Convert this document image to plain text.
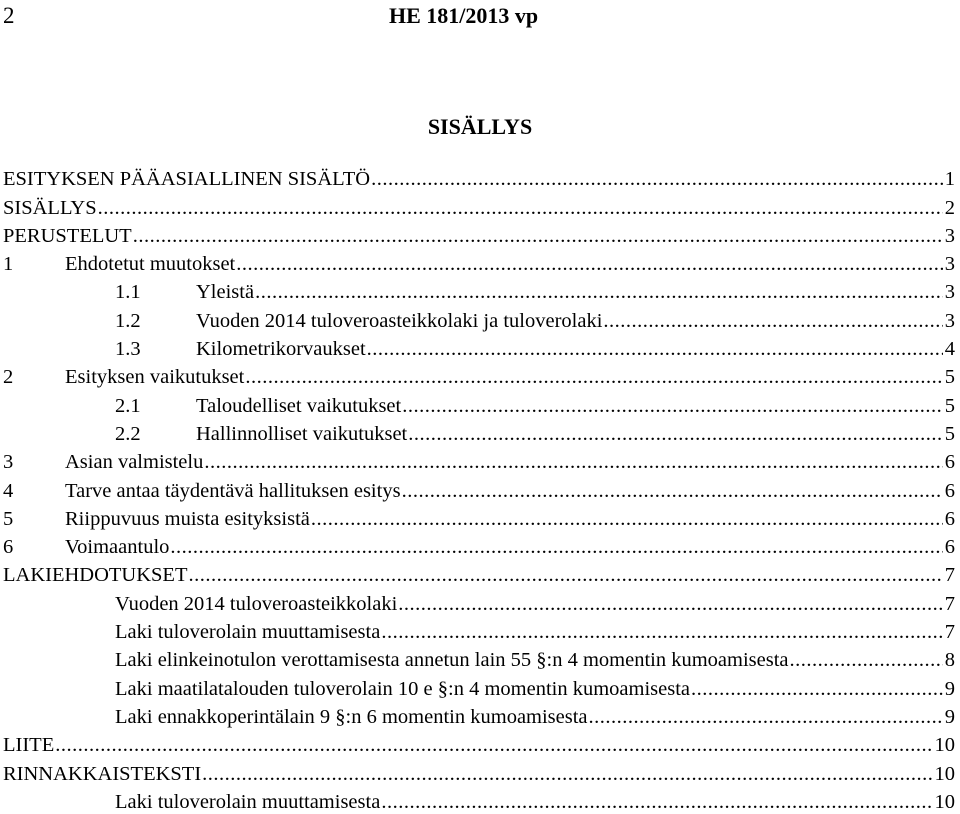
2	HE 181/2013 vp
SISÄLLYS
ESITYKSEN PÄÄASIALLINEN SISÄLTÖ .....	1
SISÄLLYS .....	2
PERUSTELUT .....	3
1	Ehdotetut muutokset .....	3
1.1	Yleistä .....	3
1.2	Vuoden 2014 tuloveroasteikkolaki ja tuloverolaki .....	3
1.3	Kilometrikorvaukset .....	4
2	Esityksen vaikutukset .....	5
2.1	Taloudelliset vaikutukset .....	5
2.2	Hallinnolliset vaikutukset .....	5
3	Asian valmistelu .....	6
4	Tarve antaa täydentävä hallituksen esitys .....	6
5	Riippuvuus muista esityksistä .....	6
6	Voimaantulo .....	6
LAKIEHDOTUKSET .....	7
Vuoden 2014 tuloveroasteikkolaki .....	7
Laki tuloverolain muuttamisesta .....	7
Laki elinkeinotulon verottamisesta annetun lain 55 §:n 4 momentin kumoamisesta .....	8
Laki maatilatalouden tuloverolain 10 e §:n 4 momentin kumoamisesta .....	9
Laki ennakkoperintälain 9 §:n 6 momentin kumoamisesta .....	9
LIITE .....	10
RINNAKKAISTEKSTI .....	10
Laki tuloverolain muuttamisesta .....	10
